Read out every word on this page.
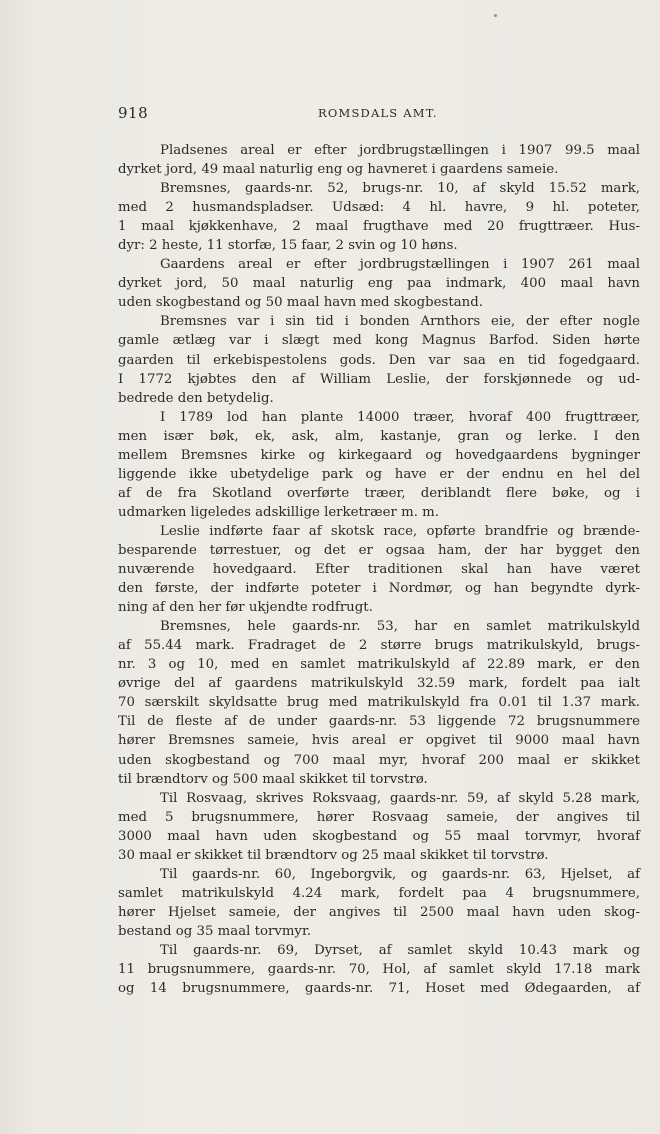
918	ROMSDALS AMT.
Pladsenes areal er efter jordbrugstællingen i 1907 99.5 maal
dyrket jord, 49 maal naturlig eng og havneret i gaardens sameie.
Bremsnes, gaards-nr. 52, brugs-nr. 10, af skyld 15.52 mark,
med 2 husmandspladser. Udsæd: 4 hl. havre, 9 hl. poteter,
1 maal kjøkkenhave, 2 maal frugthave med 20 frugttræer. Hus-
dyr: 2 heste, 11 storfæ, 15 faar, 2 svin og 10 høns.
Gaardens areal er efter jordbrugstællingen i 1907 261 maal
dyrket jord, 50 maal naturlig eng paa indmark, 400 maal havn
uden skogbestand og 50 maal havn med skogbestand.
Bremsnes var i sin tid i bonden Arnthors eie, der efter nogle
gamle ætlæg var i slægt med kong Magnus Barfod. Siden hørte
gaarden til erkebispestolens gods. Den var saa en tid fogedgaard.
I 1772 kjøbtes den af William Leslie, der forskjønnede og ud-
bedrede den betydelig.
I 1789 lod han plante 14000 træer, hvoraf 400 frugttræer,
men især bøk, ek, ask, alm, kastanje, gran og lerke. I den
mellem Bremsnes kirke og kirkegaard og hovedgaardens bygninger
liggende ikke ubetydelige park og have er der endnu en hel del
af de fra Skotland overførte træer, deriblandt flere bøke, og i
udmarken ligeledes adskillige lerketræer m. m.
Leslie indførte faar af skotsk race, opførte brandfrie og brænde-
besparende tørrestuer, og det er ogsaa ham, der har bygget den
nuværende hovedgaard. Efter traditionen skal han have været
den første, der indførte poteter i Nordmør, og han begyndte dyrk-
ning af den her før ukjendte rodfrugt.
Bremsnes, hele gaards-nr. 53, har en samlet matrikulskyld
af 55.44 mark. Fradraget de 2 større brugs matrikulskyld, brugs-
nr. 3 og 10, med en samlet matrikulskyld af 22.89 mark, er den
øvrige del af gaardens matrikulskyld 32.59 mark, fordelt paa ialt
70 særskilt skyldsatte brug med matrikulskyld fra 0.01 til 1.37 mark.
Til de fleste af de under gaards-nr. 53 liggende 72 brugsnummere
hører Bremsnes sameie, hvis areal er opgivet til 9000 maal havn
uden skogbestand og 700 maal myr, hvoraf 200 maal er skikket
til brændtorv og 500 maal skikket til torvstrø.
Til Rosvaag, skrives Roksvaag, gaards-nr. 59, af skyld 5.28 mark,
med 5 brugsnummere, hører Rosvaag sameie, der angives til
3000 maal havn uden skogbestand og 55 maal torvmyr, hvoraf
30 maal er skikket til brændtorv og 25 maal skikket til torvstrø.
Til gaards-nr. 60, Ingeborgvik, og gaards-nr. 63, Hjelset, af
samlet matrikulskyld 4.24 mark, fordelt paa 4 brugsnummere,
hører Hjelset sameie, der angives til 2500 maal havn uden skog-
bestand og 35 maal torvmyr.
Til gaards-nr. 69, Dyrset, af samlet skyld 10.43 mark og
11 brugsnummere, gaards-nr. 70, Hol, af samlet skyld 17.18 mark
og 14 brugsnummere, gaards-nr. 71, Hoset med Ødegaarden, af
